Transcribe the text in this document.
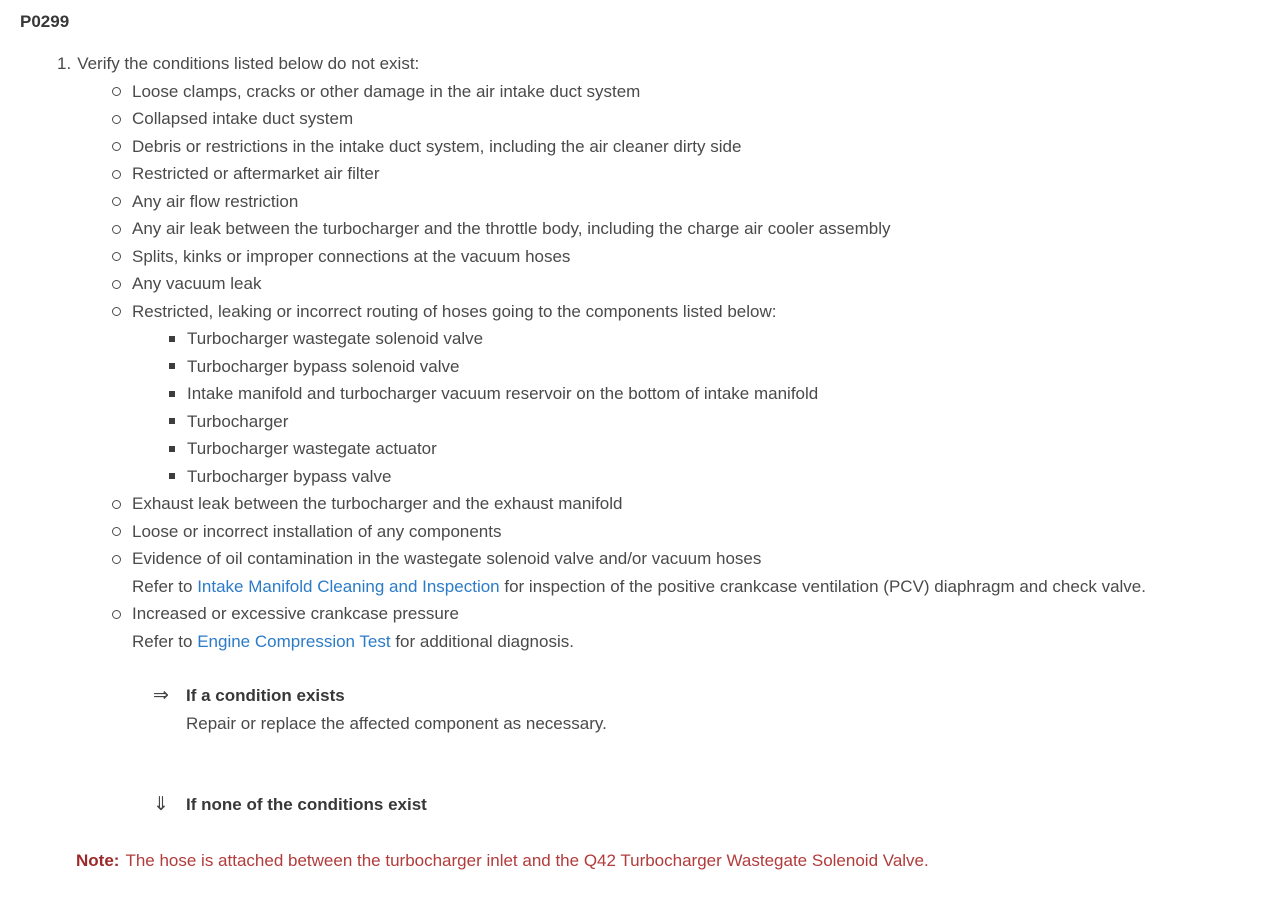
P0299
1. Verify the conditions listed below do not exist:
Loose clamps, cracks or other damage in the air intake duct system
Collapsed intake duct system
Debris or restrictions in the intake duct system, including the air cleaner dirty side
Restricted or aftermarket air filter
Any air flow restriction
Any air leak between the turbocharger and the throttle body, including the charge air cooler assembly
Splits, kinks or improper connections at the vacuum hoses
Any vacuum leak
Restricted, leaking or incorrect routing of hoses going to the components listed below:
Turbocharger wastegate solenoid valve
Turbocharger bypass solenoid valve
Intake manifold and turbocharger vacuum reservoir on the bottom of intake manifold
Turbocharger
Turbocharger wastegate actuator
Turbocharger bypass valve
Exhaust leak between the turbocharger and the exhaust manifold
Loose or incorrect installation of any components
Evidence of oil contamination in the wastegate solenoid valve and/or vacuum hoses
Refer to Intake Manifold Cleaning and Inspection for inspection of the positive crankcase ventilation (PCV) diaphragm and check valve.
Increased or excessive crankcase pressure
Refer to Engine Compression Test for additional diagnosis.
⇒	If a condition exists
Repair or replace the affected component as necessary.
⇓	If none of the conditions exist
Note: The hose is attached between the turbocharger inlet and the Q42 Turbocharger Wastegate Solenoid Valve.
